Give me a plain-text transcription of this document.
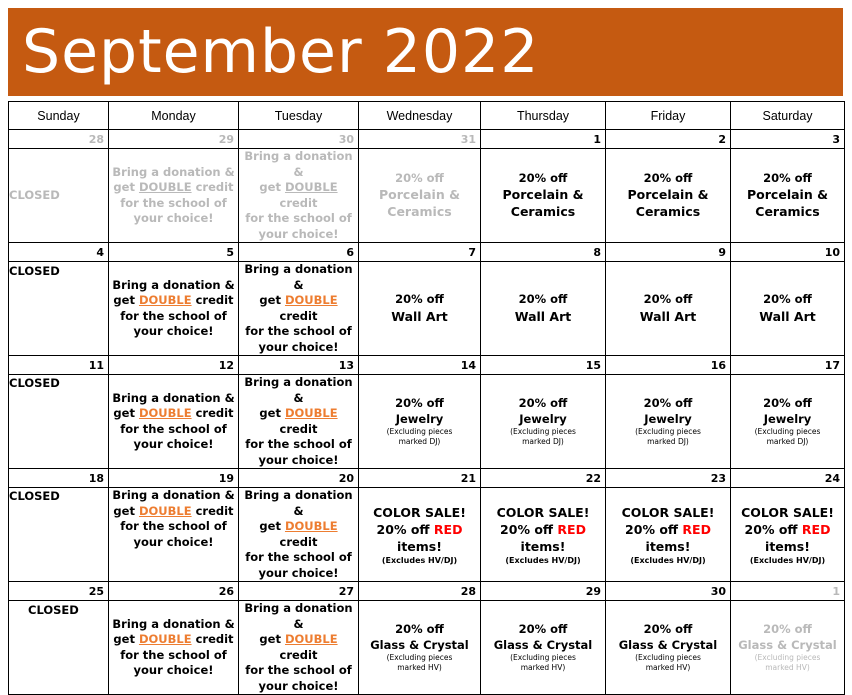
September 2022
Sunday	Monday	Tuesday	Wednesday	Thursday	Friday	Saturday
28	29	30	31	1	2	3
CLOSED	Bring a donation &
get DOUBLE credit
for the school of
your choice!	Bring a donation &
get DOUBLE credit
for the school of
your choice!	20% off
Porcelain &
Ceramics	20% off
Porcelain & Ceramics	20% off
Porcelain & Ceramics	20% off
Porcelain &
Ceramics

4	5	6	7	8	9	10
CLOSED	Bring a donation &
get DOUBLE credit
for the school of
your choice!	Bring a donation &
get DOUBLE credit
for the school of
your choice!	20% off
Wall Art	20% off
Wall Art	20% off
Wall Art	20% off
Wall Art

11	12	13	14	15	16	17
CLOSED	Bring a donation &
get DOUBLE credit
for the school of
your choice!	Bring a donation &
get DOUBLE credit
for the school of
your choice!	20% off
Jewelry
(Excluding pieces
marked DJ)	20% off
Jewelry
(Excluding pieces
marked DJ)	20% off
Jewelry
(Excluding pieces
marked DJ)	20% off
Jewelry
(Excluding pieces
marked DJ)

18	19	20	21	22	23	24
CLOSED	Bring a donation &
get DOUBLE credit
for the school of
your choice!	Bring a donation &
get DOUBLE credit
for the school of
your choice!	COLOR SALE!
20% off RED items!
(Excludes HV/DJ)	COLOR SALE!
20% off RED items!
(Excludes HV/DJ)	COLOR SALE!
20% off RED items!
(Excludes HV/DJ)	COLOR SALE!
20% off RED
items!
(Excludes HV/DJ)

25	26	27	28	29	30	1
CLOSED	Bring a donation &
get DOUBLE credit
for the school of
your choice!	Bring a donation &
get DOUBLE credit
for the school of
your choice!	20% off
Glass & Crystal
(Excluding pieces
marked HV)	20% off
Glass & Crystal
(Excluding pieces
marked HV)	20% off
Glass & Crystal
(Excluding pieces
marked HV)	20% off
Glass & Crystal
(Excluding pieces
marked HV)
